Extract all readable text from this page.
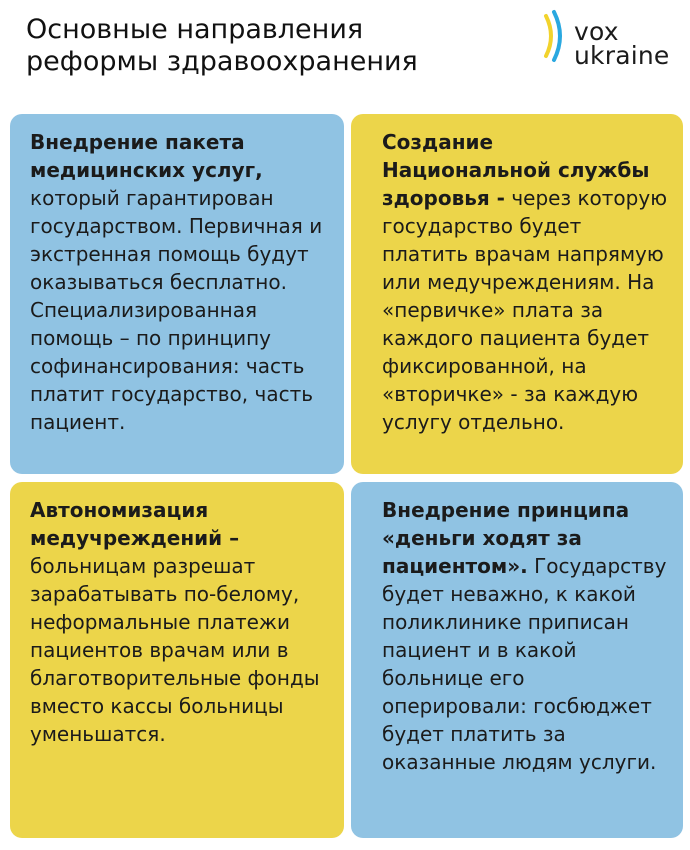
Основные направления реформы здравоохранения
vox
ukraine
Внедрение пакета медицинских услуг, который гарантирован государством. Первичная и экстренная помощь будут оказываться бесплатно. Специализированная помощь – по принципу софинансирования: часть платит государство, часть пациент.
Создание Национальной службы здоровья - через которую государство будет платить врачам напрямую или медучреждениям. На «первичке» плата за каждого пациента будет фиксированной, на «вторичке» - за каждую услугу отдельно.
Автономизация медучреждений – больницам разрешат зарабатывать по-белому, неформальные платежи пациентов врачам или в благотворительные фонды вместо кассы больницы уменьшатся.
Внедрение принципа «деньги ходят за пациентом». Государству будет неважно, к какой поликлинике приписан пациент и в какой больнице его оперировали: госбюджет будет платить за оказанные людям услуги.
